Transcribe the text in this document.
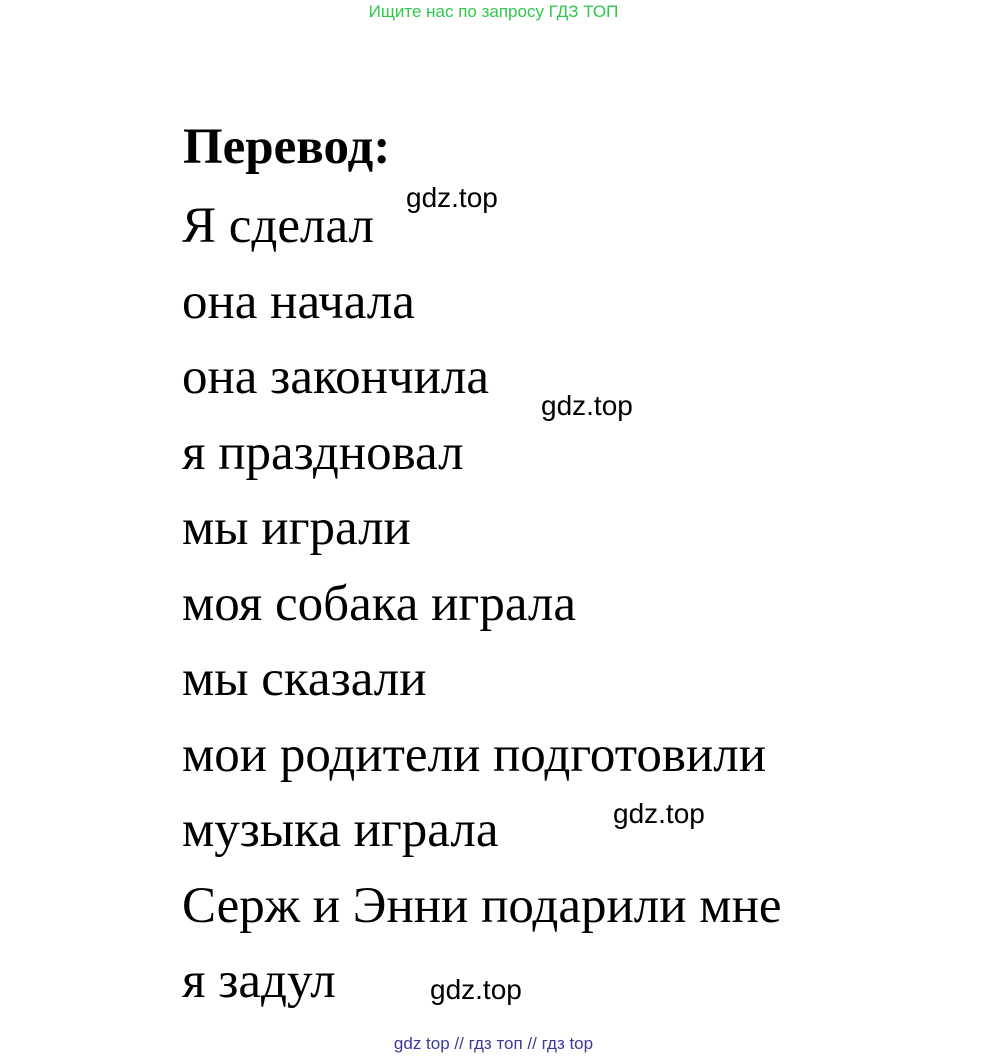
Ищите нас по запросу ГДЗ ТОП
Перевод:
Я сделал
она начала
она закончила
я праздновал
мы играли
моя собака играла
мы сказали
мои родители подготовили
музыка играла
Серж и Энни подарили мне
я задул
gdz.top
gdz.top
gdz.top
gdz.top
gdz top // гдз топ // гдз top
